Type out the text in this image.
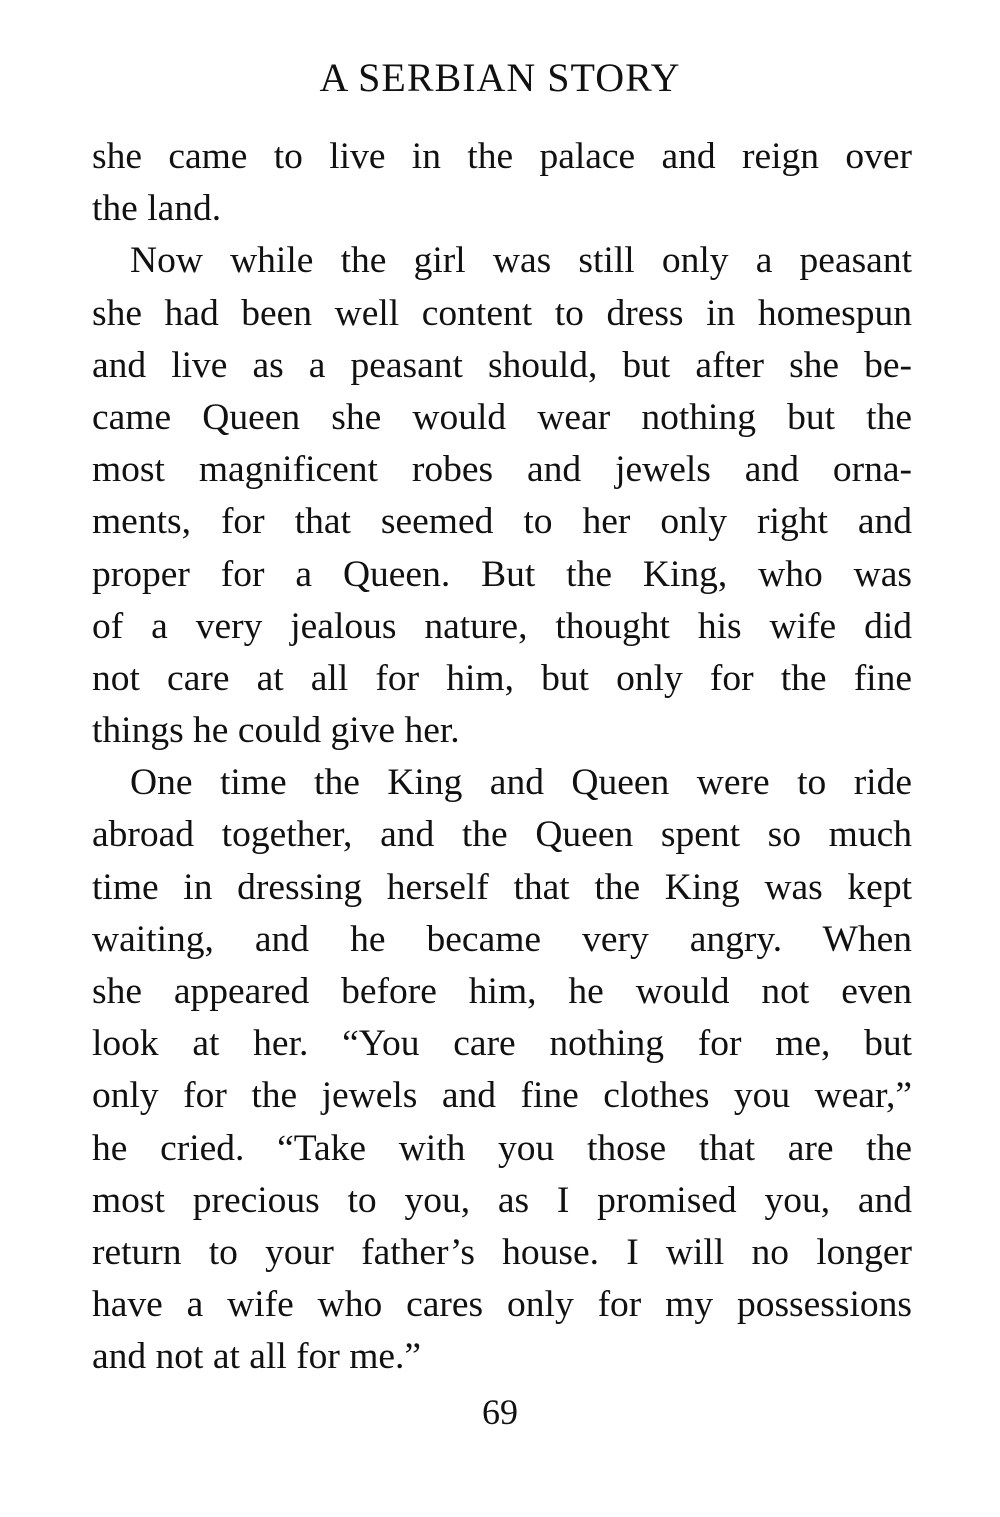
A SERBIAN STORY
she came to live in the palace and reign over
the land.
Now while the girl was still only a peasant
she had been well content to dress in homespun
and live as a peasant should, but after she be-
came Queen she would wear nothing but the
most magnificent robes and jewels and orna-
ments, for that seemed to her only right and
proper for a Queen. But the King, who was
of a very jealous nature, thought his wife did
not care at all for him, but only for the fine
things he could give her.
One time the King and Queen were to ride
abroad together, and the Queen spent so much
time in dressing herself that the King was kept
waiting, and he became very angry. When
she appeared before him, he would not even
look at her. “You care nothing for me, but
only for the jewels and fine clothes you wear,”
he cried. “Take with you those that are the
most precious to you, as I promised you, and
return to your father’s house. I will no longer
have a wife who cares only for my possessions
and not at all for me.”
69
